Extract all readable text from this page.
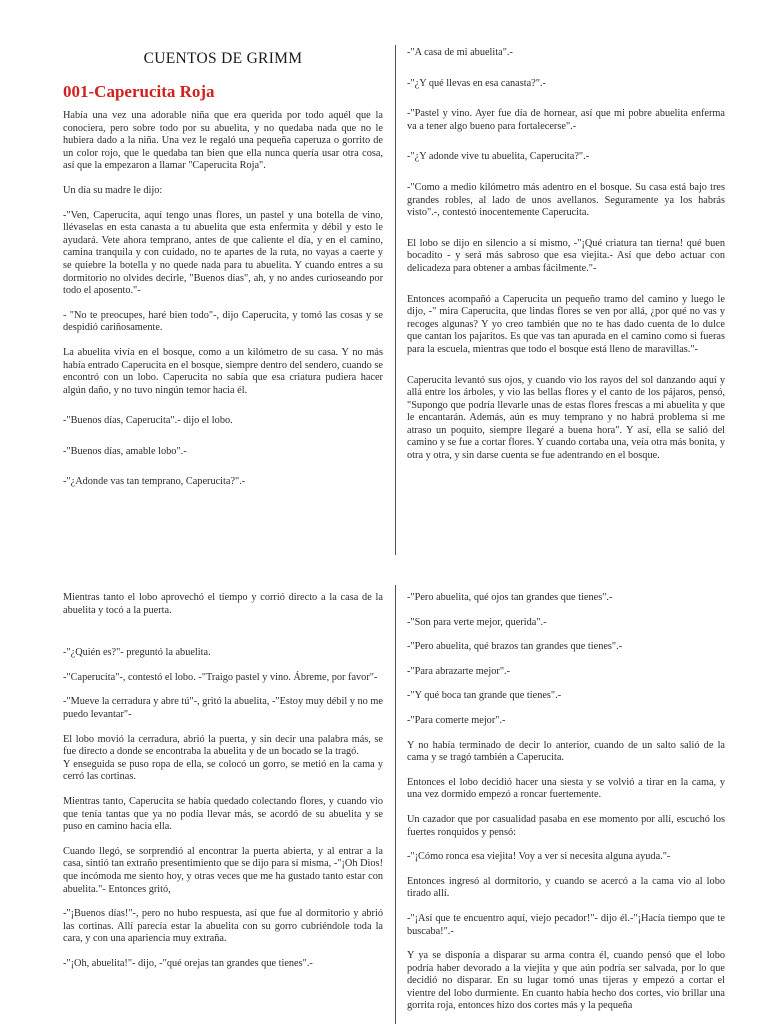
CUENTOS DE GRIMM
001-Caperucita Roja

Había una vez una adorable niña que era querida por todo aquél que la conociera, pero sobre todo por su abuelita, y no quedaba nada que no le hubiera dado a la niña. Una vez le regaló una pequeña caperuza o gorrito de un color rojo, que le quedaba tan bien que ella nunca quería usar otra cosa, así que la empezaron a llamar "Caperucita Roja".

Un día su madre le dijo:

-"Ven, Caperucita, aquí tengo unas flores, un pastel y una botella de vino, llévaselas en esta canasta a tu abuelita que esta enfermita y débil y esto le ayudará. Vete ahora temprano, antes de que caliente el día, y en el camino, camina tranquila y con cuidado, no te apartes de la ruta, no vayas a caerte y se quiebre la botella y no quede nada para tu abuelita. Y cuando entres a su dormitorio no olvides decirle, "Buenos días", ah, y no andes curioseando por todo el aposento."-

- "No te preocupes, haré bien todo"-, dijo Caperucita, y tomó las cosas y se despidió cariñosamente.

La abuelita vivía en el bosque, como a un kilómetro de su casa. Y no más había entrado Caperucita en el bosque, siempre dentro del sendero, cuando se encontró con un lobo. Caperucita no sabía que esa criatura pudiera hacer algún daño, y no tuvo ningún temor hacia él.

-"Buenos días, Caperucita".- dijo el lobo.

-"Buenos días, amable lobo".-

-"¿Adonde vas tan temprano, Caperucita?".-

-"A casa de mi abuelita".-

-"¿Y qué llevas en esa canasta?".-

-"Pastel y vino. Ayer fue día de hornear, así que mi pobre abuelita enferma va a tener algo bueno para fortalecerse".-

-"¿Y adonde vive tu abuelita, Caperucita?".-

-"Como a medio kilómetro más adentro en el bosque. Su casa está bajo tres grandes robles, al lado de unos avellanos. Seguramente ya los habrás visto".-, contestó inocentemente Caperucita.

El lobo se dijo en silencio a sí mismo, -"¡Qué criatura tan tierna! qué buen bocadito - y será más sabroso que esa viejita.- Así que debo actuar con delicadeza para obtener a ambas fácilmente."-

Entonces acompañó a Caperucita un pequeño tramo del camino y luego le dijo, -" mira Caperucita, que lindas flores se ven por allá, ¿por qué no vas y recoges algunas? Y yo creo también que no te has dado cuenta de lo dulce que cantan los pajaritos. Es que vas tan apurada en el camino como si fueras para la escuela, mientras que todo el bosque está lleno de maravillas."-

Caperucita levantó sus ojos, y cuando vio los rayos del sol danzando aquí y allá entre los árboles, y vio las bellas flores y el canto de los pájaros, pensó, "Supongo que podría llevarle unas de estas flores frescas a mi abuelita y que le encantarán. Además, aún es muy temprano y no habrá problema si me atraso un poquito, siempre llegaré a buena hora". Y así, ella se salió del camino y se fue a cortar flores. Y cuando cortaba una, veía otra más bonita, y otra y otra, y sin darse cuenta se fue adentrando en el bosque.

Mientras tanto el lobo aprovechó el tiempo y corrió directo a la casa de la abuelita y tocó a la puerta.

-"¿Quién es?"- preguntó la abuelita.

-"Caperucita"-, contestó el lobo. -"Traigo pastel y vino. Ábreme, por favor"-

-"Mueve la cerradura y abre tú"-, gritó la abuelita, -"Estoy muy débil y no me puedo levantar"-

El lobo movió la cerradura, abrió la puerta, y sin decir una palabra más, se fue directo a donde se encontraba la abuelita y de un bocado se la tragó.
Y enseguida se puso ropa de ella, se colocó un gorro, se metió en la cama y cerró las cortinas.

Mientras tanto, Caperucita se había quedado colectando flores, y cuando vio que tenía tantas que ya no podía llevar más, se acordó de su abuelita y se puso en camino hacia ella.

Cuando llegó, se sorprendió al encontrar la puerta abierta, y al entrar a la casa, sintió tan extraño presentimiento que se dijo para sí misma, -"¡Oh Dios! que incómoda me siento hoy, y otras veces que me ha gustado tanto estar con abuelita."- Entonces gritó,

-"¡Buenos días!"-, pero no hubo respuesta, así que fue al dormitorio y abrió las cortinas. Allí parecía estar la abuelita con su gorro cubriéndole toda la cara, y con una apariencia muy extraña.

-"¡Oh, abuelita!"- dijo, -"qué orejas tan grandes que tienes".-

-"Pero abuelita, qué ojos tan grandes que tienes".-

-"Son para verte mejor, querida".-

-"Pero abuelita, qué brazos tan grandes que tienes".-

-"Para abrazarte mejor".-

-"Y qué boca tan grande que tienes".-

-"Para comerte mejor".-

Y no había terminado de decir lo anterior, cuando de un salto salió de la cama y se tragó también a Caperucita.

Entonces el lobo decidió hacer una siesta y se volvió a tirar en la cama, y una vez dormido empezó a roncar fuertemente.

Un cazador que por casualidad pasaba en ese momento por allí, escuchó los fuertes ronquidos y pensó:

-"¡Cómo ronca esa viejita! Voy a ver si necesita alguna ayuda."-

Entonces ingresó al dormitorio, y cuando se acercó a la cama vio al lobo tirado allí.

-"¡Así que te encuentro aquí, viejo pecador!"- dijo él.-"¡Hacía tiempo que te buscaba!".-

Y ya se disponía a disparar su arma contra él, cuando pensó que el lobo podría haber devorado a la viejita y que aún podría ser salvada, por lo que decidió no disparar. En su lugar tomó unas tijeras y empezó a cortar el vientre del lobo durmiente. En cuanto había hecho dos cortes, vio brillar una gorrita roja, entonces hizo dos cortes más y la pequeña
